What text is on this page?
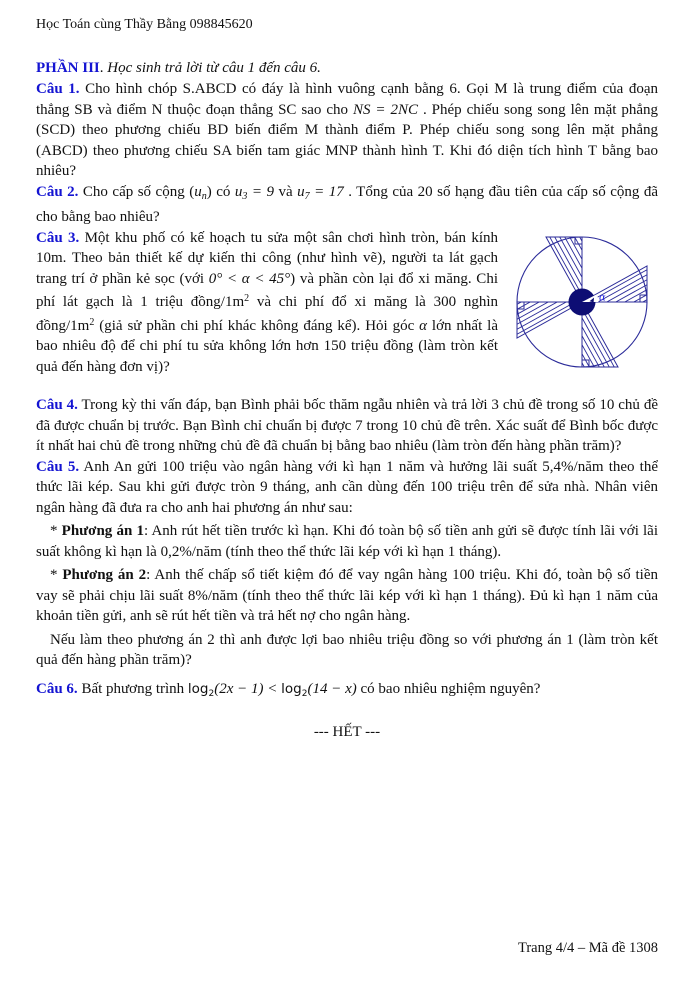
Học Toán cùng Thầy Bằng 098845620
PHẦN III. Học sinh trả lời từ câu 1 đến câu 6.

Câu 1. Cho hình chóp S.ABCD có đáy là hình vuông cạnh bằng 6. Gọi M là trung điểm của đoạn thẳng SB và điểm N thuộc đoạn thẳng SC sao cho NS = 2NC . Phép chiếu song song lên mặt phẳng (SCD) theo phương chiếu BD biến điểm M thành điểm P. Phép chiếu song song lên mặt phẳng (ABCD) theo phương chiếu SA biến tam giác MNP thành hình T. Khi đó diện tích hình T bằng bao nhiêu?

Câu 2. Cho cấp số cộng $(u_n)$ có $u_3 = 9$ và $u_7 = 17$ . Tổng của 20 số hạng đầu tiên của cấp số cộng đã cho bằng bao nhiêu?

α

Câu 3. Một khu phố có kế hoạch tu sửa một sân chơi hình tròn, bán kính 10m. Theo bản thiết kế dự kiến thi công (như hình vẽ), người ta lát gạch trang trí ở phần kẻ sọc (với 0° < α < 45°) và phần còn lại đổ xi măng. Chi phí lát gạch là 1 triệu đồng/$1m^2$ và chi phí đổ xi măng là 300 nghìn đồng/$1m^2$ (giả sử phần chi phí khác không đáng kể). Hỏi góc α lớn nhất là bao nhiêu độ để chi phí tu sửa không lớn hơn 150 triệu đồng (làm tròn kết quả đến hàng đơn vị)?

Câu 4. Trong kỳ thi vấn đáp, bạn Bình phải bốc thăm ngẫu nhiên và trả lời 3 chủ đề trong số 10 chủ đề đã được chuẩn bị trước. Bạn Bình chỉ chuẩn bị được 7 trong 10 chủ đề trên. Xác suất để Bình bốc được ít nhất hai chủ đề trong những chủ đề đã chuẩn bị bằng bao nhiêu (làm tròn đến hàng phần trăm)?

Câu 5. Anh An gửi 100 triệu vào ngân hàng với kì hạn 1 năm và hưởng lãi suất 5,4%/năm theo thể thức lãi kép. Sau khi gửi được tròn 9 tháng, anh cần dùng đến 100 triệu trên để sửa nhà. Nhân viên ngân hàng đã đưa ra cho anh hai phương án như sau:

* Phương án 1: Anh rút hết tiền trước kì hạn. Khi đó toàn bộ số tiền anh gửi sẽ được tính lãi với lãi suất không kì hạn là 0,2%/năm (tính theo thể thức lãi kép với kì hạn 1 tháng).

* Phương án 2: Anh thế chấp sổ tiết kiệm đó để vay ngân hàng 100 triệu. Khi đó, toàn bộ số tiền vay sẽ phải chịu lãi suất 8%/năm (tính theo thể thức lãi kép với kì hạn 1 tháng). Đủ kì hạn 1 năm của khoản tiền gửi, anh sẽ rút hết tiền và trả hết nợ cho ngân hàng.

Nếu làm theo phương án 2 thì anh được lợi bao nhiêu triệu đồng so với phương án 1 (làm tròn kết quả đến hàng phần trăm)?

Câu 6. Bất phương trình $\log_2(2x - 1) < \log_2(14 - x)$ có bao nhiêu nghiệm nguyên?

--- HẾT ---
Trang 4/4 – Mã đề 1308
